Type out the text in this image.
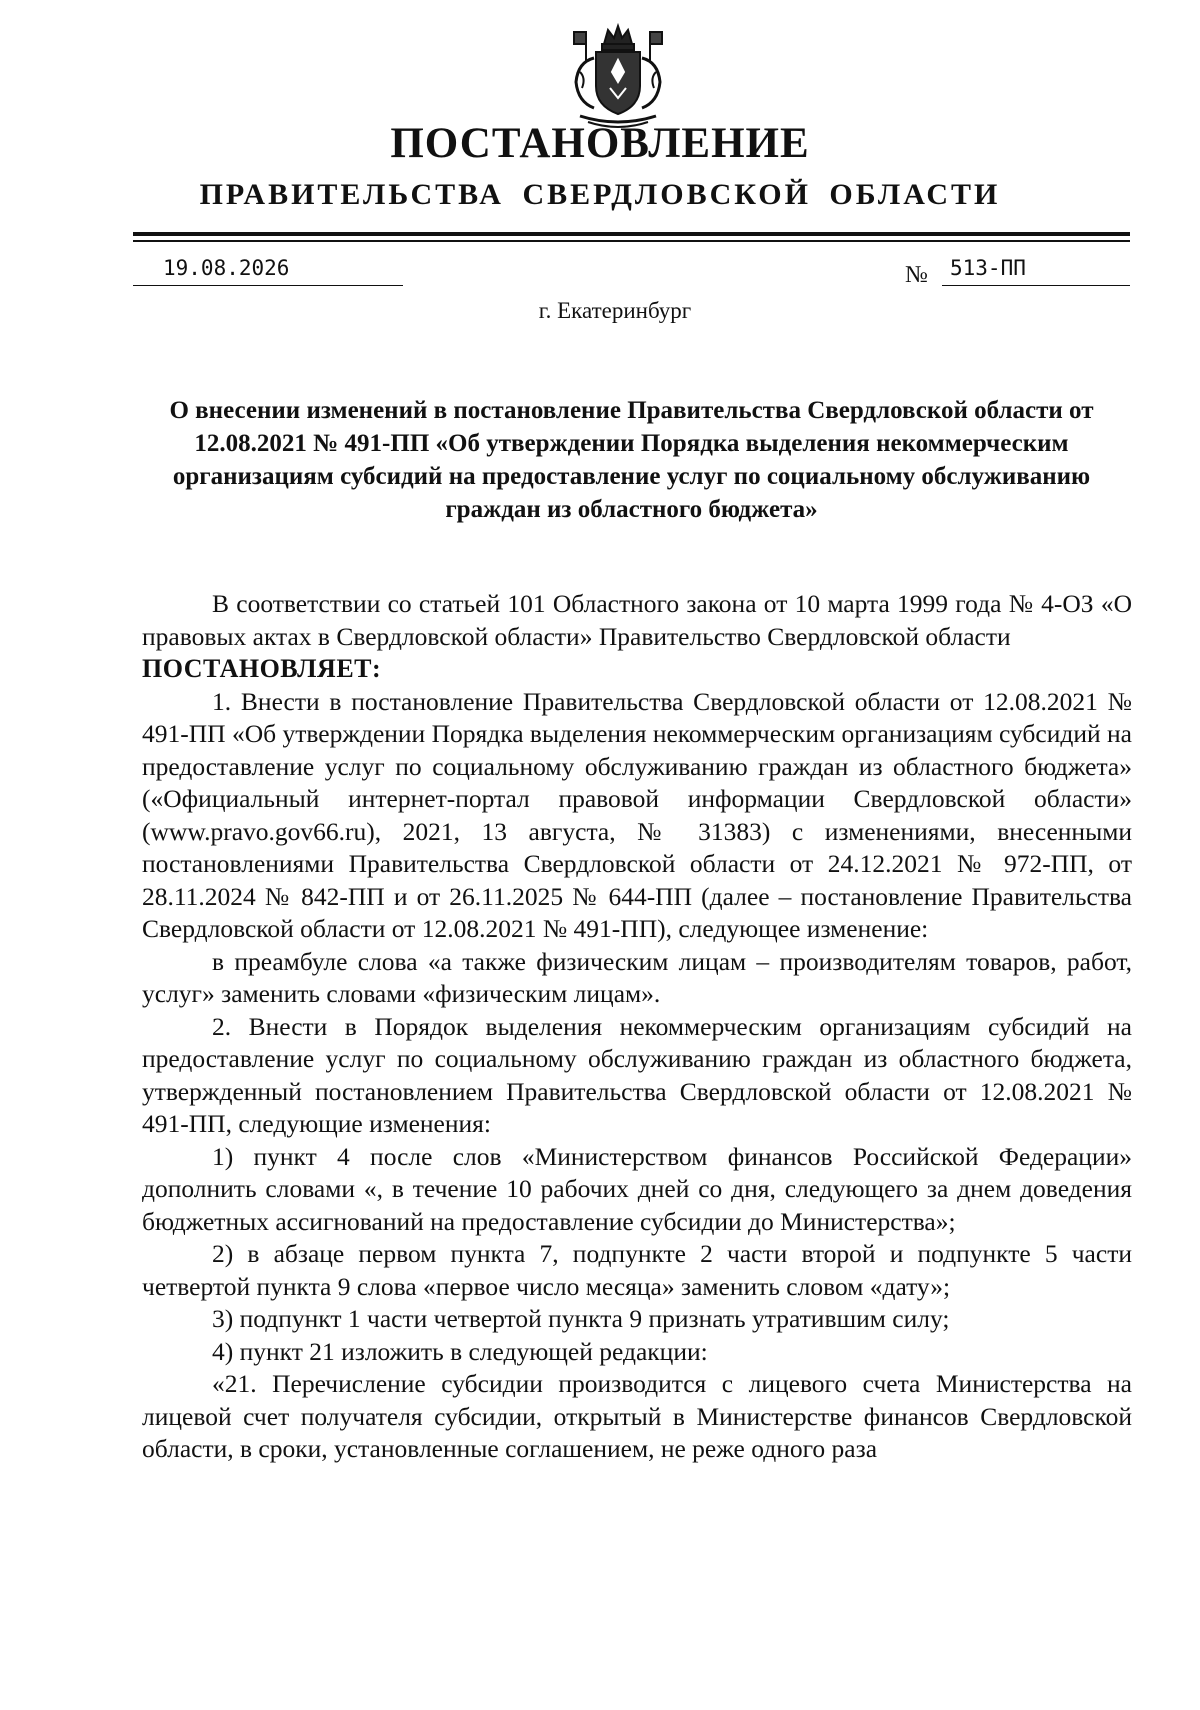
ПОСТАНОВЛЕНИЕ
ПРАВИТЕЛЬСТВА СВЕРДЛОВСКОЙ ОБЛАСТИ
19.08.2026	№ 513-ПП
г. Екатеринбург
О внесении изменений в постановление Правительства Свердловской области от 12.08.2021 № 491-ПП «Об утверждении Порядка выделения некоммерческим организациям субсидий на предоставление услуг по социальному обслуживанию граждан из областного бюджета»

В соответствии со статьей 101 Областного закона от 10 марта 1999 года № 4-ОЗ «О правовых актах в Свердловской области» Правительство Свердловской области

ПОСТАНОВЛЯЕТ:

1. Внести в постановление Правительства Свердловской области от 12.08.2021 № 491-ПП «Об утверждении Порядка выделения некоммерческим организациям субсидий на предоставление услуг по социальному обслуживанию граждан из областного бюджета» («Официальный интернет-портал правовой информации Свердловской области» (www.pravo.gov66.ru), 2021, 13 августа, № 31383) с изменениями, внесенными постановлениями Правительства Свердловской области от 24.12.2021 № 972-ПП, от 28.11.2024 № 842-ПП и от 26.11.2025 № 644-ПП (далее – постановление Правительства Свердловской области от 12.08.2021 № 491-ПП), следующее изменение:

в преамбуле слова «а также физическим лицам – производителям товаров, работ, услуг» заменить словами «физическим лицам».

2. Внести в Порядок выделения некоммерческим организациям субсидий на предоставление услуг по социальному обслуживанию граждан из областного бюджета, утвержденный постановлением Правительства Свердловской области от 12.08.2021 № 491-ПП, следующие изменения:

1) пункт 4 после слов «Министерством финансов Российской Федерации» дополнить словами «, в течение 10 рабочих дней со дня, следующего за днем доведения бюджетных ассигнований на предоставление субсидии до Министерства»;

2) в абзаце первом пункта 7, подпункте 2 части второй и подпункте 5 части четвертой пункта 9 слова «первое число месяца» заменить словом «дату»;

3) подпункт 1 части четвертой пункта 9 признать утратившим силу;

4) пункт 21 изложить в следующей редакции:

«21. Перечисление субсидии производится с лицевого счета Министерства на лицевой счет получателя субсидии, открытый в Министерстве финансов Свердловской области, в сроки, установленные соглашением, не реже одного раза
